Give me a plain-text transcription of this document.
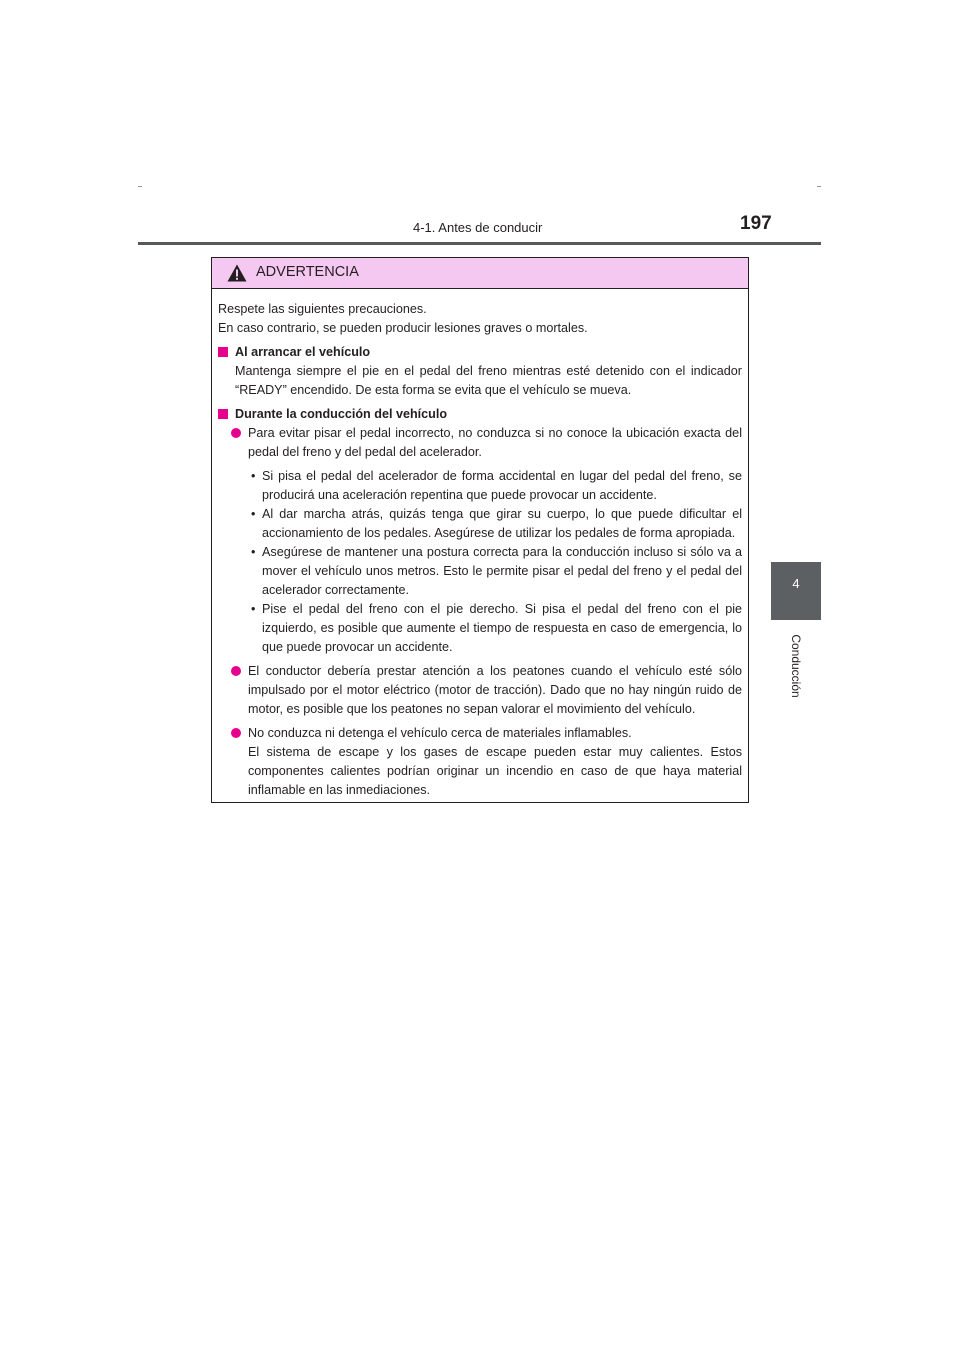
4-1. Antes de conducir	197
4
Conducción
ADVERTENCIA

Respete las siguientes precauciones.

En caso contrario, se pueden producir lesiones graves o mortales.

Al arrancar el vehículo

Mantenga siempre el pie en el pedal del freno mientras esté detenido con el indicador “READY” encendido. De esta forma se evita que el vehículo se mueva.

Durante la conducción del vehículo
Para evitar pisar el pedal incorrecto, no conduzca si no conoce la ubicación exacta del pedal del freno y del pedal del acelerador.
• Si pisa el pedal del acelerador de forma accidental en lugar del pedal del freno, se producirá una aceleración repentina que puede provocar un accidente.
• Al dar marcha atrás, quizás tenga que girar su cuerpo, lo que puede dificultar el accionamiento de los pedales. Asegúrese de utilizar los pedales de forma apropiada.
• Asegúrese de mantener una postura correcta para la conducción incluso si sólo va a mover el vehículo unos metros. Esto le permite pisar el pedal del freno y el pedal del acelerador correctamente.
• Pise el pedal del freno con el pie derecho. Si pisa el pedal del freno con el pie izquierdo, es posible que aumente el tiempo de respuesta en caso de emergencia, lo que puede provocar un accidente.
El conductor debería prestar atención a los peatones cuando el vehículo esté sólo impulsado por el motor eléctrico (motor de tracción). Dado que no hay ningún ruido de motor, es posible que los peatones no sepan valorar el movimiento del vehículo.
No conduzca ni detenga el vehículo cerca de materiales inflamables.
El sistema de escape y los gases de escape pueden estar muy calientes. Estos componentes calientes podrían originar un incendio en caso de que haya material inflamable en las inmediaciones.
